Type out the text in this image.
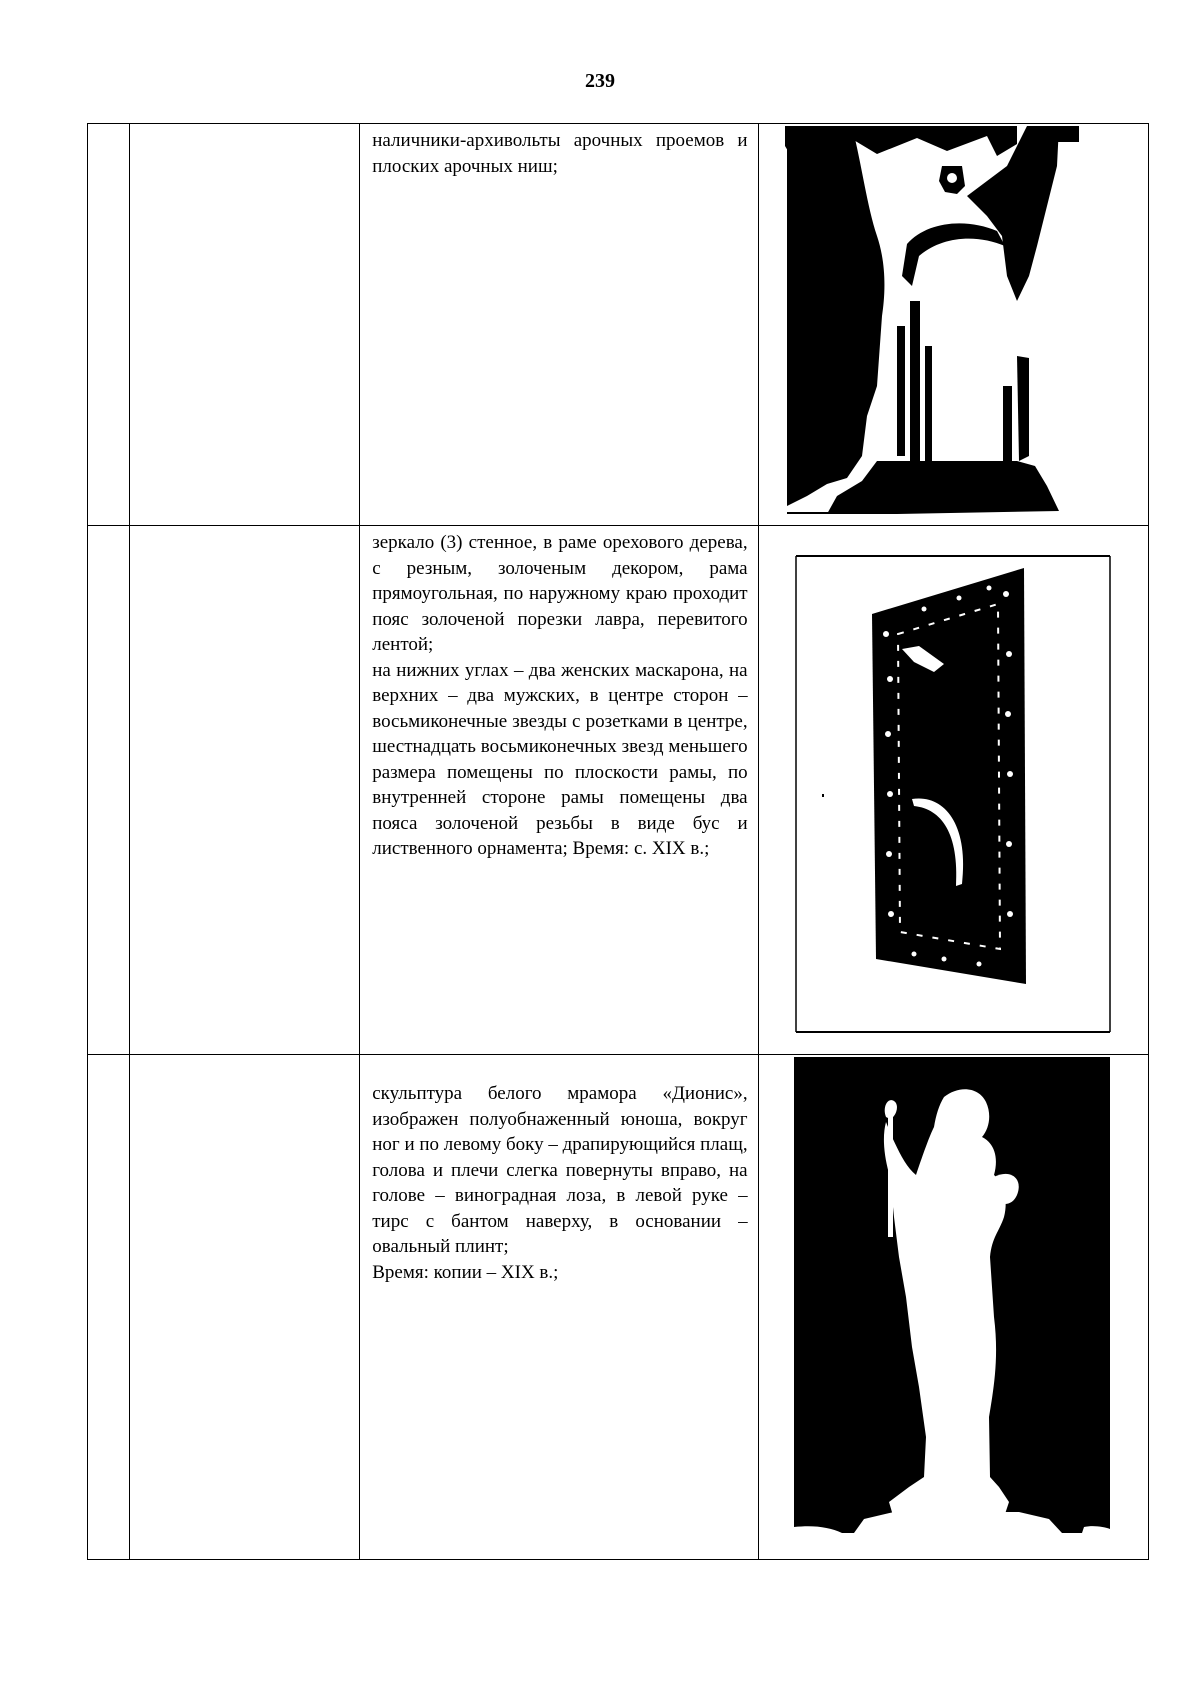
239

		наличники-архивольты арочных проемов и плоских арочных ниш;

		зеркало (3) стенное, в раме орехового дерева, с резным, золоченым декором, рама прямоугольная, по наружному краю проходит пояс золоченой порезки лавра, перевитого лентой;
на нижних углах – два женских маскарона, на верхних – два мужских, в центре сторон – восьмиконечные звезды с розетками в центре, шестнадцать восьмиконечных звезд меньшего размера помещены по плоскости рамы, по внутренней стороне рамы помещены два пояса золоченой резьбы в виде бус и лиственного орнамента; Время: с. XIX в.;

		скульптура белого мрамора «Дионис», изображен полуобнаженный юноша, вокруг ног и по левому боку – драпирующийся плащ, голова и плечи слегка повернуты вправо, на голове – виноградная лоза, в левой руке – тирс с бантом наверху, в основании – овальный плинт;
Время: копии – XIX в.;
